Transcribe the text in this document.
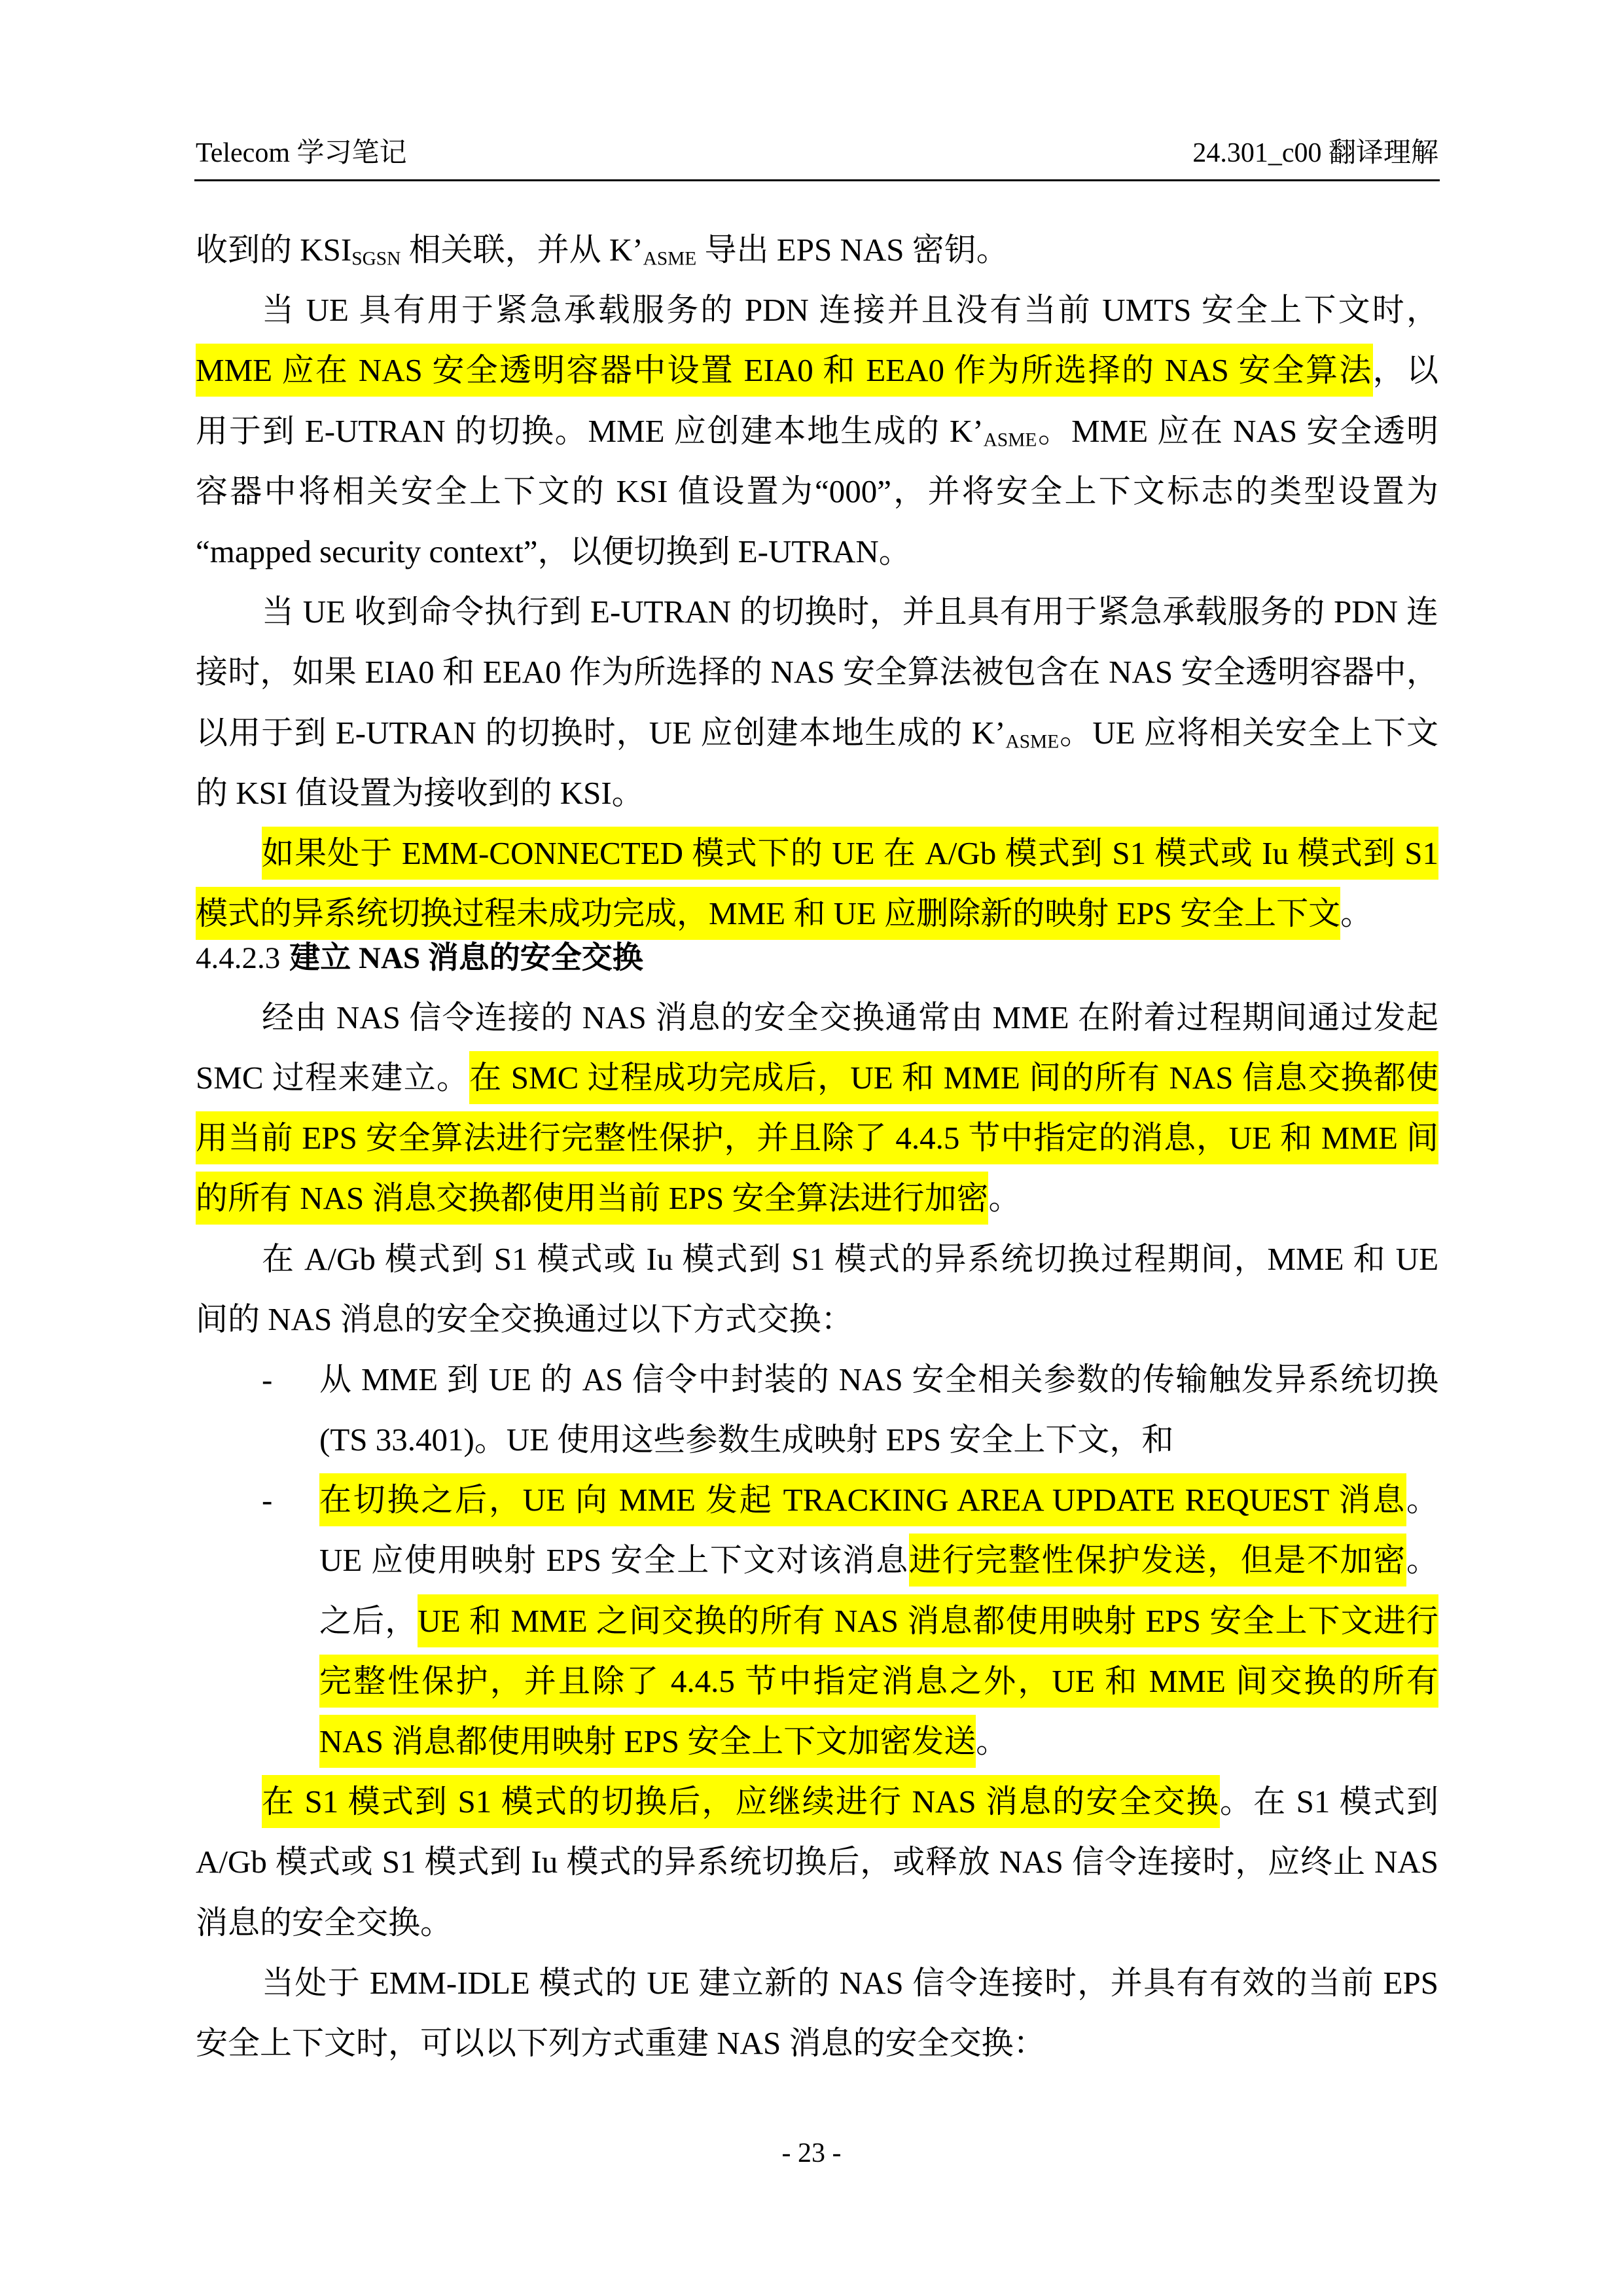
Telecom 学习笔记	24.301_c00 翻译理解
收到的 $KSI_{SGSN}$ 相关联，并从 $K’_{ASME}$ 导出 EPS NAS 密钥。
当 UE 具有用于紧急承载服务的 PDN 连接并且没有当前 UMTS 安全上下文时，
MME 应在 NAS 安全透明容器中设置 EIA0 和 EEA0 作为所选择的 NAS 安全算法，以
用于到 E-UTRAN 的切换。MME 应创建本地生成的 $K’_{ASME}$。MME 应在 NAS 安全透明
容器中将相关安全上下文的 KSI 值设置为“000”，并将安全上下文标志的类型设置为
“mapped security context”，以便切换到 E-UTRAN。
当 UE 收到命令执行到 E-UTRAN 的切换时，并且具有用于紧急承载服务的 PDN 连
接时，如果 EIA0 和 EEA0 作为所选择的 NAS 安全算法被包含在 NAS 安全透明容器中，
以用于到 E-UTRAN 的切换时，UE 应创建本地生成的 $K’_{ASME}$。UE 应将相关安全上下文
的 KSI 值设置为接收到的 KSI。
如果处于 EMM-CONNECTED 模式下的 UE 在 A/Gb 模式到 S1 模式或 Iu 模式到 S1
模式的异系统切换过程未成功完成，MME 和 UE 应删除新的映射 EPS 安全上下文。
4.4.2.3 建立 NAS 消息的安全交换
经由 NAS 信令连接的 NAS 消息的安全交换通常由 MME 在附着过程期间通过发起
SMC 过程来建立。在 SMC 过程成功完成后，UE 和 MME 间的所有 NAS 信息交换都使
用当前 EPS 安全算法进行完整性保护，并且除了 4.4.5 节中指定的消息，UE 和 MME 间
的所有 NAS 消息交换都使用当前 EPS 安全算法进行加密。
在 A/Gb 模式到 S1 模式或 Iu 模式到 S1 模式的异系统切换过程期间，MME 和 UE
间的 NAS 消息的安全交换通过以下方式交换：
- 从 MME 到 UE 的 AS 信令中封装的 NAS 安全相关参数的传输触发异系统切换
(TS 33.401)。UE 使用这些参数生成映射 EPS 安全上下文，和
- 在切换之后，UE 向 MME 发起 TRACKING AREA UPDATE REQUEST 消息。
UE 应使用映射 EPS 安全上下文对该消息进行完整性保护发送，但是不加密。
之后，UE 和 MME 之间交换的所有 NAS 消息都使用映射 EPS 安全上下文进行
完整性保护，并且除了 4.4.5 节中指定消息之外，UE 和 MME 间交换的所有
NAS 消息都使用映射 EPS 安全上下文加密发送。
在 S1 模式到 S1 模式的切换后，应继续进行 NAS 消息的安全交换。在 S1 模式到
A/Gb 模式或 S1 模式到 Iu 模式的异系统切换后，或释放 NAS 信令连接时，应终止 NAS
消息的安全交换。
当处于 EMM-IDLE 模式的 UE 建立新的 NAS 信令连接时，并具有有效的当前 EPS
安全上下文时，可以以下列方式重建 NAS 消息的安全交换：
- 23 -
